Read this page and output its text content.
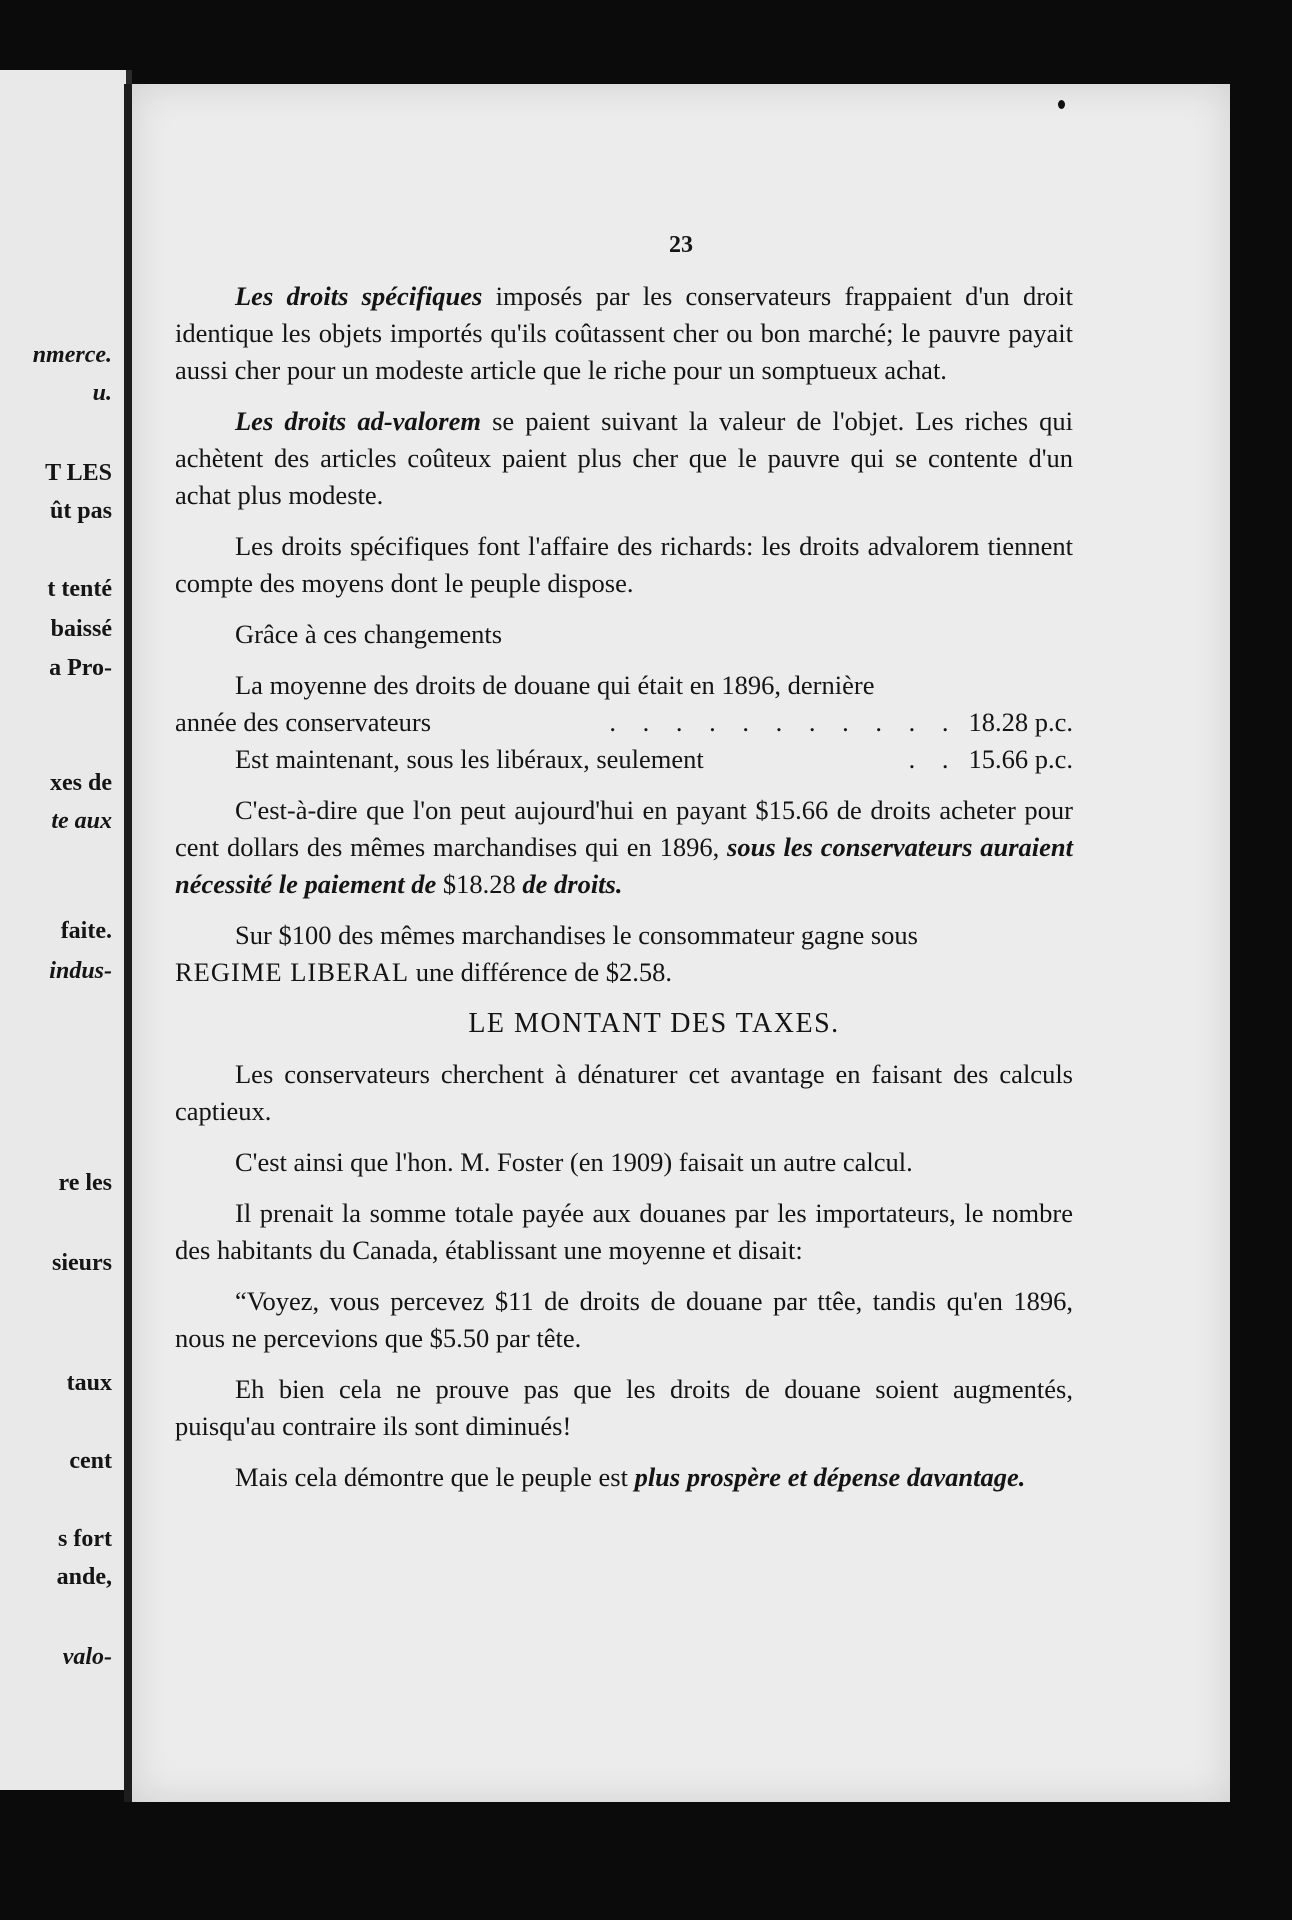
nmerce.
u.
T LES
ût pas
t tenté
baissé
a Pro-
xes de
te aux
faite.
indus-
re les
sieurs
taux
cent
s fort
ande,
valo-
23

Les droits spécifiques imposés par les conservateurs frappaient d'un droit identique les objets importés qu'ils coûtassent cher ou bon marché; le pauvre payait aussi cher pour un modeste article que le riche pour un somptueux achat.

Les droits ad-valorem se paient suivant la valeur de l'objet. Les riches qui achètent des articles coûteux paient plus cher que le pauvre qui se contente d'un achat plus modeste.

Les droits spécifiques font l'affaire des richards: les droits advalorem tiennent compte des moyens dont le peuple dispose.

Grâce à ces changements

La moyenne des droits de douane qui était en 1896, dernière
année des conservateurs	. . . . . . . . . . . 18.28 p.c.
Est maintenant, sous les libéraux, seulement	. . 15.66 p.c.

C'est-à-dire que l'on peut aujourd'hui en payant $15.66 de droits acheter pour cent dollars des mêmes marchandises qui en 1896, sous les conservateurs auraient nécessité le paiement de $18.28 de droits.

Sur $100 des mêmes marchandises le consommateur gagne sous
REGIME LIBERAL une différence de $2.58.

LE MONTANT DES TAXES.

Les conservateurs cherchent à dénaturer cet avantage en faisant des calculs captieux.

C'est ainsi que l'hon. M. Foster (en 1909) faisait un autre calcul.

Il prenait la somme totale payée aux douanes par les importateurs, le nombre des habitants du Canada, établissant une moyenne et disait:

“Voyez, vous percevez $11 de droits de douane par ttêe, tandis qu'en 1896, nous ne percevions que $5.50 par tête.

Eh bien cela ne prouve pas que les droits de douane soient augmentés, puisqu'au contraire ils sont diminués!

Mais cela démontre que le peuple est plus prospère et dépense davantage.
